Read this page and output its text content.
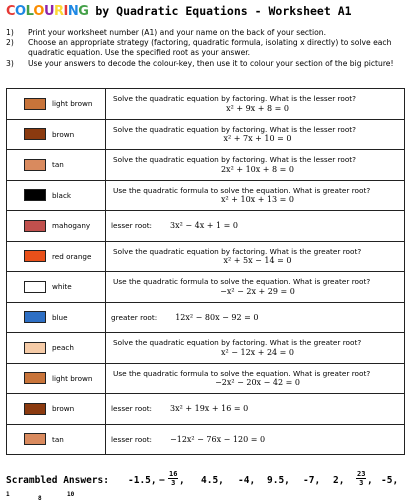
COLOURING by Quadratic Equations - Worksheet A1
1)	Print your worksheet number (A1) and your name on the back of your section.
2)	Choose an appropriate strategy (factoring, quadratic formula, isolating x directly) to solve each quadratic equation. Use the specified root as your answer.
3)	Use your answers to decode the colour-key, then use it to colour your section of the big picture!
light brown	Solve the quadratic equation by factoring. What is the lesser root?
x² + 9x + 8 = 0

brown	Solve the quadratic equation by factoring. What is the lesser root?
x² + 7x + 10 = 0

tan	Solve the quadratic equation by factoring. What is the lesser root?
2x² + 10x + 8 = 0

black	Use the quadratic formula to solve the equation. What is greater root?
x² + 10x + 13 = 0

mahogany	lesser root: 3x² − 4x + 1 = 0

red orange	Solve the quadratic equation by factoring. What is the greater root?
x² + 5x − 14 = 0

white	Use the quadratic formula to solve the equation. What is greater root?
−x² − 2x + 29 = 0

blue	greater root: 12x² − 80x − 92 = 0

peach	Solve the quadratic equation by factoring. What is the greater root?
x² − 12x + 24 = 0

light brown	Use the quadratic formula to solve the equation. What is greater root?
−2x² − 20x − 42 = 0

brown	lesser root: 3x² + 19x + 16 = 0

tan	lesser root: −12x² − 76x − 120 = 0
Scrambled Answers: -1.5, − $\frac{16}{3}$ , 4.5, -4, 9.5, -7, 2, $\frac{23}{3}$ , -5,
1
8
10
